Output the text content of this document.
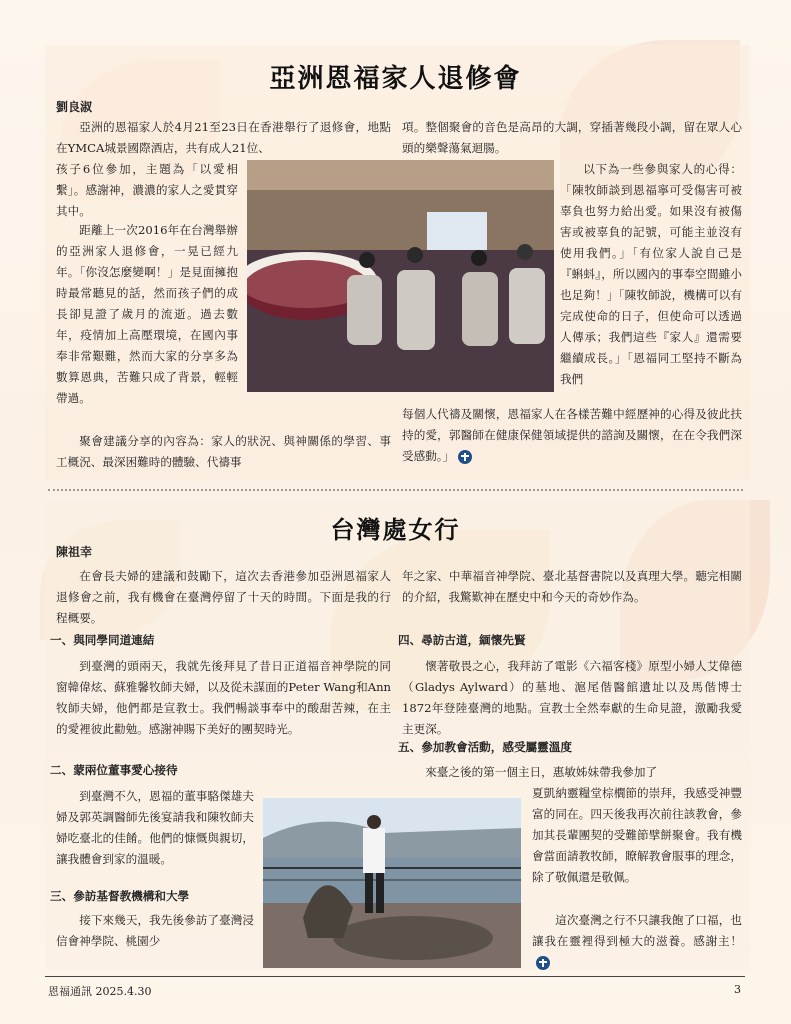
亞洲恩福家人退修會
劉良淑
亞洲的恩福家人於4月21至23日在香港舉行了退修會，地點在YMCA城景國際酒店，共有成人21位、
孩子6位參加，主題為「以愛相繫」。感謝神，濃濃的家人之愛貫穿其中。
距離上一次2016年在台灣舉辦的亞洲家人退修會，一晃已經九年。「你沒怎麼變啊！」是見面擁抱時最常聽見的話，然而孩子們的成長卻見證了歲月的流逝。過去數年，疫情加上高壓環境，在國內事奉非常艱難，然而大家的分享多為數算恩典，苦難只成了背景，輕輕帶過。
聚會建議分享的內容為：家人的狀況、與神關係的學習、事工概況、最深困難時的體驗、代禱事
項。整個聚會的音色是高昂的大調，穿插著幾段小調，留在眾人心頭的樂聲蕩氣迴腸。
以下為一些參與家人的心得：「陳牧師談到恩福寧可受傷害可被辜負也努力給出愛。如果沒有被傷害或被辜負的記號，可能主並沒有使用我們。」「有位家人說自己是『蝌蚪』，所以國內的事奉空間雖小也足夠！」「陳牧師說，機構可以有完成使命的日子，但使命可以透過人傳承；我們這些『家人』還需要繼續成長。」「恩福同工堅持不斷為我們
每個人代禱及關懷，恩福家人在各樣苦難中經歷神的心得及彼此扶持的愛，郭醫師在健康保健領域提供的諮詢及關懷，在在令我們深受感動。」
台灣處女行
陳祖幸
在會長夫婦的建議和鼓勵下，這次去香港參加亞洲恩福家人退修會之前，我有機會在臺灣停留了十天的時間。下面是我的行程概要。
一、與同學同道連結
到臺灣的頭兩天，我就先後拜見了昔日正道福音神學院的同窗韓偉炫、蘇雅馨牧師夫婦，以及從未謀面的Peter Wang和Ann牧師夫婦，他們都是宣教士。我們暢談事奉中的酸甜苦辣，在主的愛裡彼此勸勉。感謝神賜下美好的團契時光。
二、蒙兩位董事愛心接待
到臺灣不久，恩福的董事駱傑雄夫婦及郭英調醫師先後宴請我和陳牧師夫婦吃臺北的佳餚。他們的慷慨與親切，讓我體會到家的溫暖。
三、參訪基督教機構和大學
接下來幾天，我先後參訪了臺灣浸信會神學院、桃園少
年之家、中華福音神學院、臺北基督書院以及真理大學。聽完相關的介紹，我驚歎神在歷史中和今天的奇妙作為。
四、尋訪古道，緬懷先賢
懷著敬畏之心，我拜訪了電影《六福客棧》原型小婦人艾偉德（Gladys Aylward）的墓地、滬尾偕醫館遺址以及馬偕博士1872年登陸臺灣的地點。宣教士全然奉獻的生命見證，激勵我愛主更深。
五、參加教會活動，感受屬靈溫度
來臺之後的第一個主日，惠敏姊妹帶我參加了
夏凱納靈糧堂棕櫚節的崇拜，我感受神豐富的同在。四天後我再次前往該教會，參加其長輩團契的受難節擘餅聚會。我有機會當面請教牧師，瞭解教會服事的理念，除了敬佩還是敬佩。
這次臺灣之行不只讓我飽了口福，也讓我在靈裡得到極大的滋養。感謝主！
恩福通訊 2025.4.30	3
